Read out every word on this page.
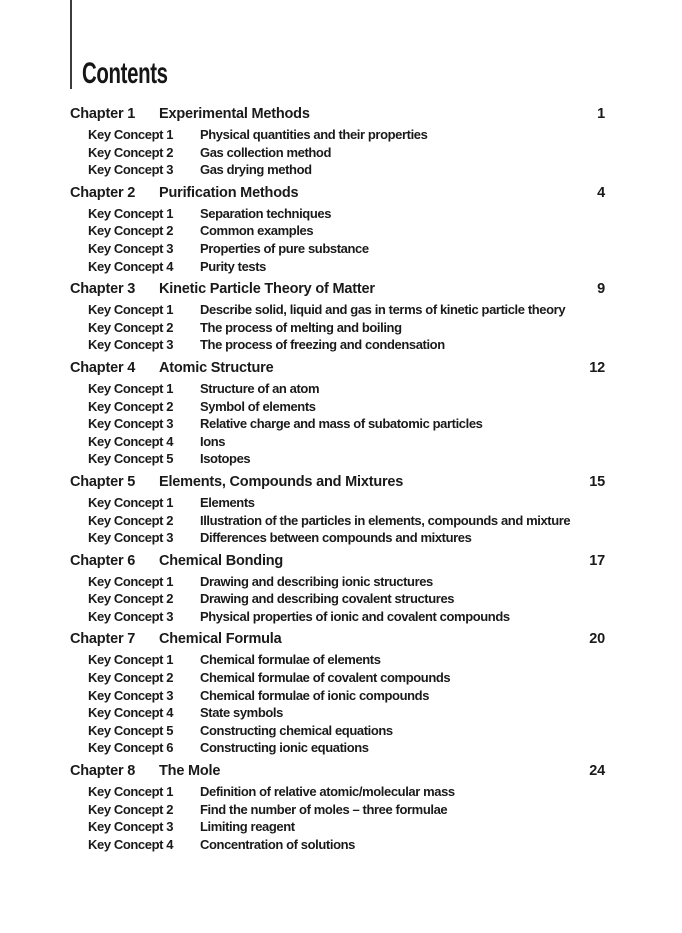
Contents
Chapter 1	Experimental Methods	1
Key Concept 1	Physical quantities and their properties
Key Concept 2	Gas collection method
Key Concept 3	Gas drying method
Chapter 2	Purification Methods	4
Key Concept 1	Separation techniques
Key Concept 2	Common examples
Key Concept 3	Properties of pure substance
Key Concept 4	Purity tests
Chapter 3	Kinetic Particle Theory of Matter	9
Key Concept 1	Describe solid, liquid and gas in terms of kinetic particle theory
Key Concept 2	The process of melting and boiling
Key Concept 3	The process of freezing and condensation
Chapter 4	Atomic Structure	12
Key Concept 1	Structure of an atom
Key Concept 2	Symbol of elements
Key Concept 3	Relative charge and mass of subatomic particles
Key Concept 4	Ions
Key Concept 5	Isotopes
Chapter 5	Elements, Compounds and Mixtures	15
Key Concept 1	Elements
Key Concept 2	Illustration of the particles in elements, compounds and mixture
Key Concept 3	Differences between compounds and mixtures
Chapter 6	Chemical Bonding	17
Key Concept 1	Drawing and describing ionic structures
Key Concept 2	Drawing and describing covalent structures
Key Concept 3	Physical properties of ionic and covalent compounds
Chapter 7	Chemical Formula	20
Key Concept 1	Chemical formulae of elements
Key Concept 2	Chemical formulae of covalent compounds
Key Concept 3	Chemical formulae of ionic compounds
Key Concept 4	State symbols
Key Concept 5	Constructing chemical equations
Key Concept 6	Constructing ionic equations
Chapter 8	The Mole	24
Key Concept 1	Definition of relative atomic/molecular mass
Key Concept 2	Find the number of moles – three formulae
Key Concept 3	Limiting reagent
Key Concept 4	Concentration of solutions
